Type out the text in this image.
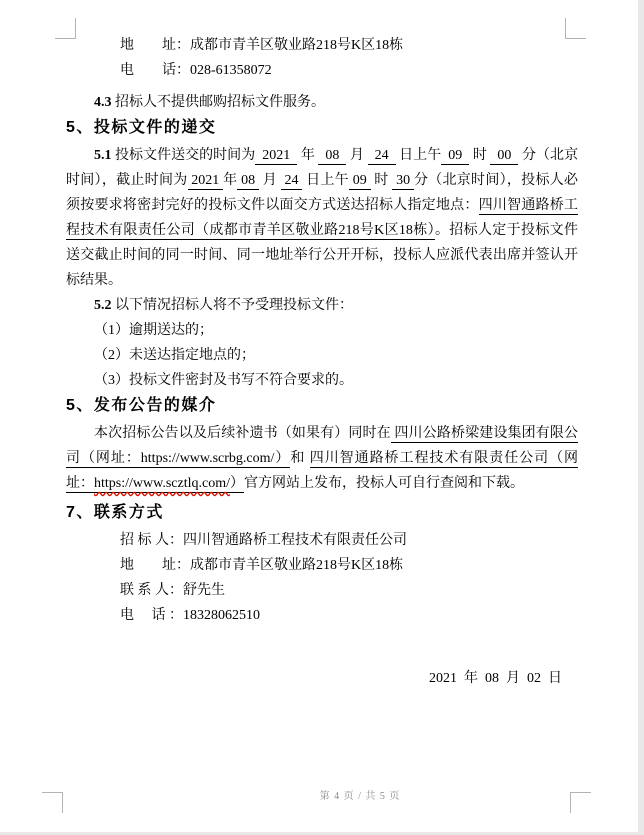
地　　址：成都市青羊区敬业路218号K区18栋
电　　话：028-61358072
4.3 招标人不提供邮购招标文件服务。
5、投标文件的递交

5.1 投标文件送交的时间为  2021   年   08   月   24   日上午  09   时   00   分（北京时间），截止时间为 2021 年 08  月  24  日上午 09  时  30 分（北京时间），投标人必须按要求将密封完好的投标文件以面交方式送达招标人指定地点：四川智通路桥工程技术有限责任公司（成都市青羊区敬业路218号K区18栋）。招标人定于投标文件送交截止时间的同一时间、同一地址举行公开开标，投标人应派代表出席并签认开标结果。

5.2 以下情况招标人将不予受理投标文件：

（1）逾期送达的；
（2）未送达指定地点的；
（3）投标文件密封及书写不符合要求的。
5、发布公告的媒介

本次招标公告以及后续补遗书（如果有）同时在 四川公路桥梁建设集团有限公司（网址：https://www.scrbg.com/）和 四川智通路桥工程技术有限责任公司（网址：https://www.scztlq.com/）官方网站上发布，投标人可自行查阅和下载。

7、联系方式
招 标 人：四川智通路桥工程技术有限责任公司
地　　址：成都市青羊区敬业路218号K区18栋
联 系 人：舒先生
电　 话 ：18328062510
2021  年  08  月  02  日
第 4 页 / 共 5 页
